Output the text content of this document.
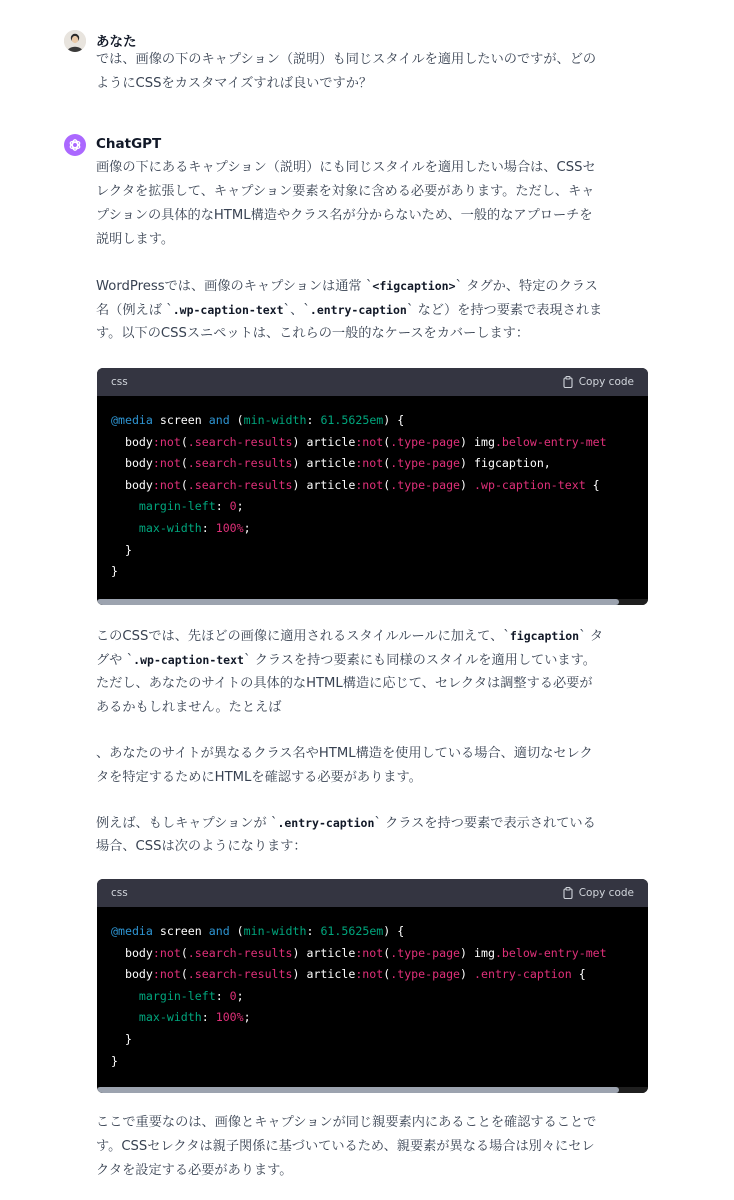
あなた

では、画像の下のキャプション（説明）も同じスタイルを適用したいのですが、どの

ようにCSSをカスタマイズすれば良いですか？

ChatGPT

画像の下にあるキャプション（説明）にも同じスタイルを適用したい場合は、CSSセ

レクタを拡張して、キャプション要素を対象に含める必要があります。ただし、キャ

プションの具体的なHTML構造やクラス名が分からないため、一般的なアプローチを

説明します。

WordPressでは、画像のキャプションは通常 `<figcaption>` タグか、特定のクラス

名（例えば `.wp-caption-text`、`.entry-caption` など）を持つ要素で表現されま

す。以下のCSSスニペットは、これらの一般的なケースをカバーします：

css	Copy code
@media screen and (min-width: 61.5625em) {
body:not(.search-results) article:not(.type-page) img.below-entry-met
body:not(.search-results) article:not(.type-page) figcaption,
body:not(.search-results) article:not(.type-page) .wp-caption-text {
margin-left: 0;
max-width: 100%;
}
}

このCSSでは、先ほどの画像に適用されるスタイルルールに加えて、`figcaption` タ

グや `.wp-caption-text` クラスを持つ要素にも同様のスタイルを適用しています。

ただし、あなたのサイトの具体的なHTML構造に応じて、セレクタは調整する必要が

あるかもしれません。たとえば

、あなたのサイトが異なるクラス名やHTML構造を使用している場合、適切なセレク

タを特定するためにHTMLを確認する必要があります。

例えば、もしキャプションが `.entry-caption` クラスを持つ要素で表示されている

場合、CSSは次のようになります：

css	Copy code
@media screen and (min-width: 61.5625em) {
body:not(.search-results) article:not(.type-page) img.below-entry-met
body:not(.search-results) article:not(.type-page) .entry-caption {
margin-left: 0;
max-width: 100%;
}
}

ここで重要なのは、画像とキャプションが同じ親要素内にあることを確認することで

す。CSSセレクタは親子関係に基づいているため、親要素が異なる場合は別々にセレ

クタを設定する必要があります。
